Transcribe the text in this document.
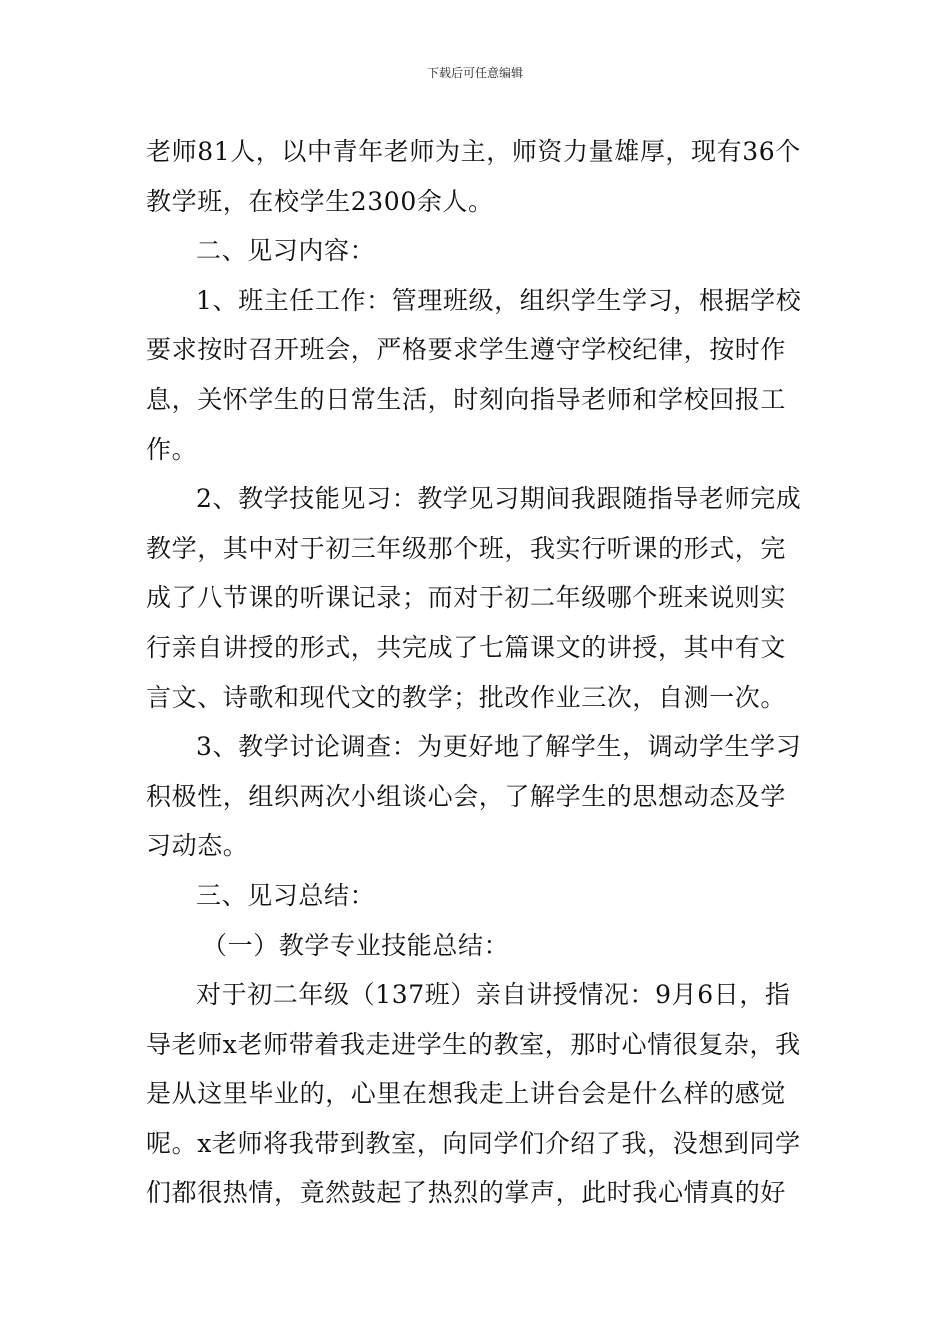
下载后可任意编辑
老师81人，以中青年老师为主，师资力量雄厚，现有36个
教学班，在校学生2300余人。
二、见习内容：
1、班主任工作：管理班级，组织学生学习，根据学校
要求按时召开班会，严格要求学生遵守学校纪律，按时作
息，关怀学生的日常生活，时刻向指导老师和学校回报工
作。
2、教学技能见习：教学见习期间我跟随指导老师完成
教学，其中对于初三年级那个班，我实行听课的形式，完
成了八节课的听课记录；而对于初二年级哪个班来说则实
行亲自讲授的形式，共完成了七篇课文的讲授，其中有文
言文、诗歌和现代文的教学；批改作业三次，自测一次。
3、教学讨论调查：为更好地了解学生，调动学生学习
积极性，组织两次小组谈心会，了解学生的思想动态及学
习动态。
三、见习总结：
（一）教学专业技能总结：
对于初二年级（137班）亲自讲授情况：9月6日，指
导老师x老师带着我走进学生的教室，那时心情很复杂，我
是从这里毕业的，心里在想我走上讲台会是什么样的感觉
呢。x老师将我带到教室，向同学们介绍了我，没想到同学
们都很热情，竟然鼓起了热烈的掌声，此时我心情真的好
